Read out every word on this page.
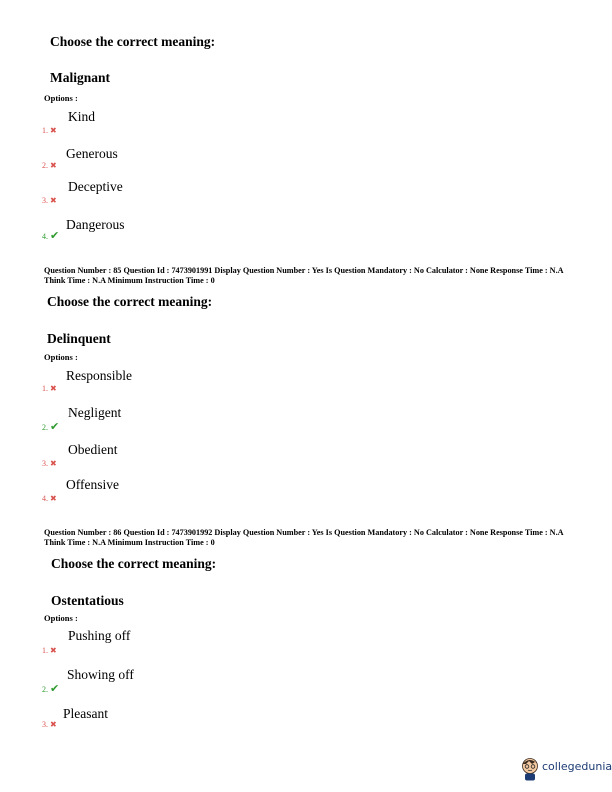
Choose the correct meaning:
Malignant
Options :
Kind
1. ✖
Generous
2. ✖
Deceptive
3. ✖
Dangerous
4. ✔
Question Number : 85 Question Id : 7473901991 Display Question Number : Yes Is Question Mandatory : No Calculator : None Response Time : N.A Think Time : N.A Minimum Instruction Time : 0
Choose the correct meaning:
Delinquent
Options :
Responsible
1. ✖
Negligent
2. ✔
Obedient
3. ✖
Offensive
4. ✖
Question Number : 86 Question Id : 7473901992 Display Question Number : Yes Is Question Mandatory : No Calculator : None Response Time : N.A Think Time : N.A Minimum Instruction Time : 0
Choose the correct meaning:
Ostentatious
Options :
Pushing off
1. ✖
Showing off
2. ✔
Pleasant
3. ✖
collegedunia
